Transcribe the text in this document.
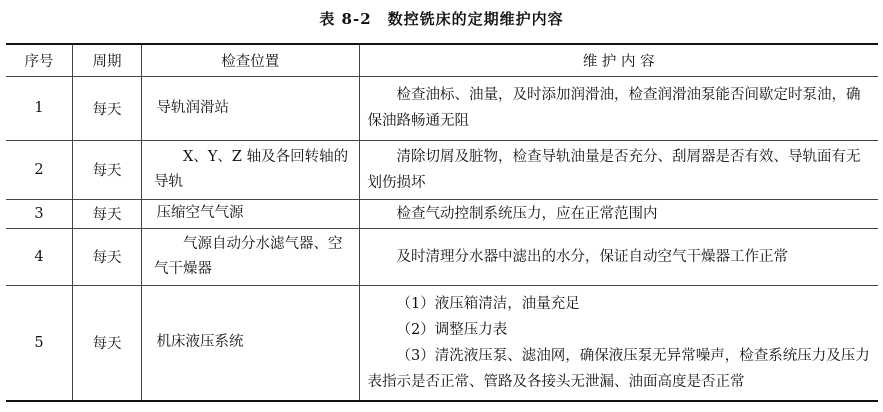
表 8-2　数控铣床的定期维护内容
序号	周期	检查位置	维 护 内 容
1	每天	导轨润滑站	检查油标、油量，及时添加润滑油，检查润滑油泵能否间歇定时泵油，确保油路畅通无阻
2	每天	X、Y、Z 轴及各回转轴的导轨	清除切屑及脏物，检查导轨油量是否充分、刮屑器是否有效、导轨面有无划伤损坏
3	每天	压缩空气气源	检查气动控制系统压力，应在正常范围内
4	每天	气源自动分水滤气器、空气干燥器	及时清理分水器中滤出的水分，保证自动空气干燥器工作正常
5	每天	机床液压系统	（1）液压箱清洁，油量充足
（2）调整压力表
（3）清洗液压泵、滤油网，确保液压泵无异常噪声，检查系统压力及压力表指示是否正常、管路及各接头无泄漏、油面高度是否正常
